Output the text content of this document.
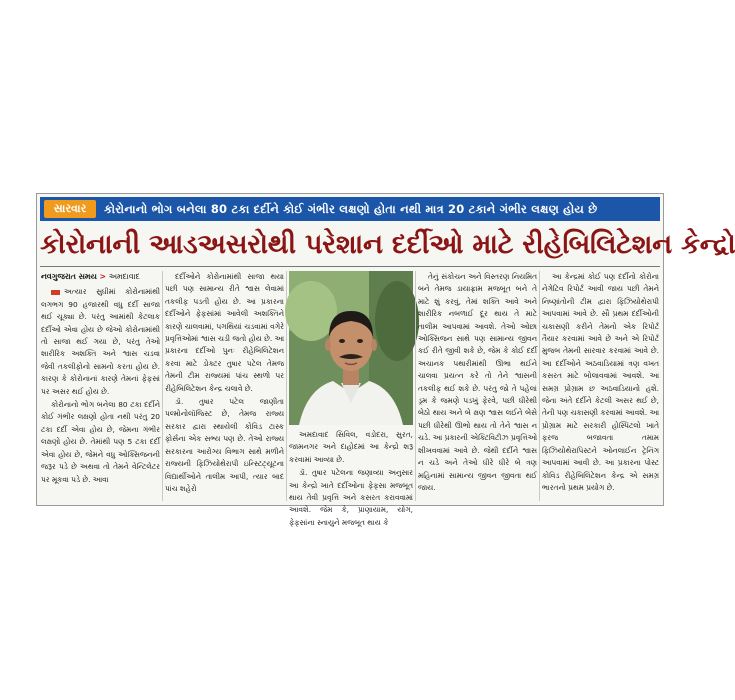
સારવાર	કોરોનાનો ભોગ બનેલા 80 ટકા દર્દીને કોઈ ગંભીર લક્ષણો હોતા નથી માત્ર 20 ટકાને ગંભીર લક્ષણ હોય છે
કોરોનાની આડઅસરોથી પરેશાન દર્દીઓ માટે રીહેબિલિટેશન કેન્દ્રો
નવગુજરાત સમય > અમદાવાદ

અત્યાર સુધીમાં કોરોનામાંથી લગભગ 90 હજારથી વધુ દર્દી સાજા થઈ ચૂક્યા છે. પરંતુ આમાંથી કેટલાક દર્દીઓ એવા હોય છે જેઓ કોરોનામાંથી તો સાજા થઈ ગયા છે, પરંતુ તેઓ શારીરિક અશક્તિ અને શ્વાસ ચડવા જેવી તકલીફોનો સામનો કરતા હોય છે. કારણ કે કોરોનાનાં કારણે તેમનાં ફેફસાં પર અસર થઈ હોય છે.

કોરોનાનો ભોગ બનેલા 80 ટકા દર્દીને કોઈ ગંભીર લક્ષણો હોતા નથી પરંતુ 20 ટકા દર્દી એવા હોય છે, જેમના ગંભીર લક્ષણો હોય છે. તેમાંથી પણ 5 ટકા દર્દી એવા હોય છે, જેમને વધુ ઓક્સિજનની જરૂર પડે છે અથવા તો તેમને વેન્ટિલેટર પર મૂકવા પડે છે. આવા

દર્દીઓને કોરોનામાંથી સાજા થયા પછી પણ સામાન્ય રીતે શ્વાસ લેવામાં તકલીફ પડતી હોય છે. આ પ્રકારના દર્દીઓને ફેફસાંમાં આવેલી અશક્તિને કારણે ચાલવામાં, પગથિયાં ચડવામાં વગેરે પ્રવૃત્તિઓમાં શ્વાસ ચડી જતો હોય છે. આ પ્રકારના દર્દીઓ પુનઃ રીહેબિલિટેશન કરવા માટે ડોક્ટર તુષાર પટેલ તેમજ તેમની ટીમ રાજ્યમાં પાંચ સ્થળો પર રીહેબિલિટેશન કેન્દ્ર ચલાવે છે.

ડૉ. તુષાર પટેલ જાણીતા પલ્મોનોલૉજિસ્ટ છે, તેમજ રાજ્ય સરકાર દ્વારા સ્થાયેલી કોવિડ ટાસ્ક ફોર્સના એક સભ્ય પણ છે. તેઓ રાજ્ય સરકારના આરોગ્ય વિભાગ સાથે મળીને રાજ્યની ફિઝિયોથેરાપી ઇન્સ્ટિટ્યૂટના વિદ્યાર્થીઓને તાલીમ આપી, ત્યાર બાદ પાંચ શહેરો

અમદાવાદ સિવિલ, વડોદરા, સુરત, જામનગર અને દાહોદમાં આ કેન્દ્રો શરૂ કરવામાં આવ્યા છે.

ડૉ. તુષાર પટેલના જણાવ્યા અનુસાર આ કેન્દ્રો ખાતે દર્દીઓના ફેફસા મજબૂત થાય તેવી પ્રવૃત્તિ અને કસરત કરાવવામાં આવશે. જેમ કે, પ્રાણાયામ, યોગ, ફેફસાંના સ્નાયુને મજબૂત થાય કે

તેનું સંકોચન અને વિસ્તરણ નિયમિત બને તેમજ ડાયાફ્રામ મજબૂત બને તે માટે શું કરવું, તેમાં શક્તિ આવે અને શારીરિક નબળાઈ દૂર થાય તે માટે તાલીમ આપવામાં આવશે. તેઓ ઓછા ઓક્સિજન સાથે પણ સામાન્ય જીવન કઈ રીતે જીવી શકે છે, જેમ કે કોઈ દર્દી અચાનક પથારીમાંથી ઊભા થઈને ચાલવા પ્રયત્ન કરે તો તેને શ્વાસની તકલીફ થઈ શકે છે. પરંતુ જો તે પહેલાં ડ્રમ કે જમણે પડખું ફેરવે, પછી ધીરેથી બેઠો થાય અને બે ક્ષણ શ્વાસ લઈને બેસે પછી ધીરેથી ઊભો થાય તો તેને શ્વાસ ન ચડે. આ પ્રકારની એક્ટિવિટીઝ પ્રવૃત્તિઓ શીખવવામાં આવે છે. જેથી દર્દીને શ્વાસ ન ચડે અને તેઓ ધીરે ધીરે બે ત્રણ મહિનામાં સામાન્ય જીવન જીવતા થઈ જાય.

આ કેન્દ્રમાં કોઈ પણ દર્દીનો કોરોના નેગેટિવ રિપોર્ટ આવી જાય પછી તેમને નિષ્ણાંતોની ટીમ દ્વારા ફિઝિયોથેરાપી આપવામાં આવે છે. સૌ પ્રથમ દર્દીઓની ચકાસણી કરીને તેમનો એક રિપોર્ટ તૈયાર કરવામાં આવે છે અને એ રિપોર્ટ મુજબ તેમની સારવાર કરવામાં આવે છે. આ દર્દીઓને અઠવાડિયામાં ત્રણ વખત કસરત માટે બોલાવવામાં આવશે. આ સમગ્ર પ્રોગ્રામ છ અઠવાડિયાનો હશે. જેના અંતે દર્દીને કેટલી અસર થઈ છે, તેની પણ ચકાસણી કરવામાં આવશે. આ પ્રોગ્રામ માટે સરકારી હોસ્પિટલો ખાતે ફરજ બજાવતા તમામ ફિઝિયોથેરાપિસ્ટને ઓનલાઈન ટ્રેનિંગ આપવામાં આવી છે. આ પ્રકારના પોસ્ટ કોવિડ રીહેબિલિટેશન કેન્દ્ર એ સમગ્ર ભારતનો પ્રથમ પ્રયોગ છે.
